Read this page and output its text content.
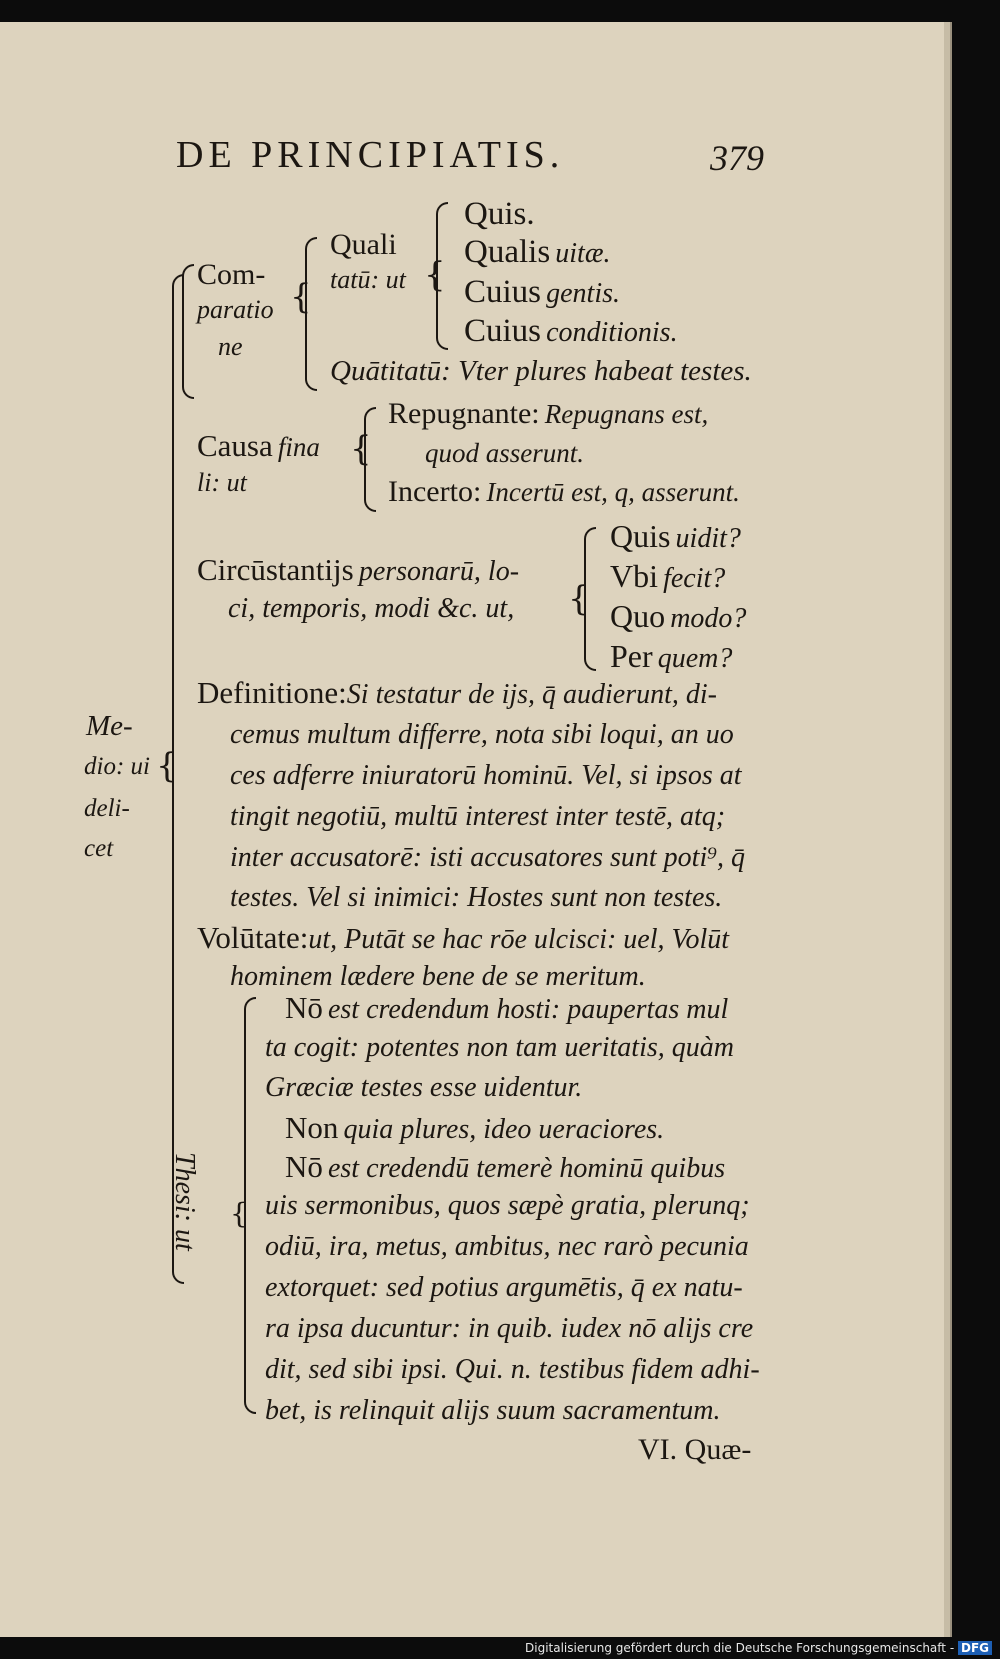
DE PRINCIPIATIS.	379
Com-
paratio
ne
{
Quali
tatū: ut {
Quis.
Qualis uitæ.
Cuius gentis.
Cuius conditionis.
Quātitatū: Vter plures habeat testes.
Causa fina
li: ut
{
Repugnante: Repugnans est,
quod asserunt.
Incerto: Incertū est, q, asserunt.
Circūstantijs personarū, lo-
ci, temporis, modi &c. ut, {
Quis uidit?
Vbi fecit?
Quo modo?
Per quem?
Definitione:Si testatur de ijs, q̄ audierunt, di-
cemus multum differre, nota sibi loqui, an uo
ces adferre iniuratorū hominū. Vel, si ipsos at
tingit negotiū, multū interest inter testē, atq;
inter accusatorē: isti accusatores sunt poti⁹, q̄
testes. Vel si inimici: Hostes sunt non testes.
Volūtate:ut, Putāt se hac rōe ulcisci: uel, Volūt
hominem lædere bene de se meritum.
Me-
dio: ui
deli-
cet
{
Thesi: ut {
Nō est credendum hosti: paupertas mul
ta cogit: potentes non tam ueritatis, quàm
Græciæ testes esse uidentur.
Non quia plures, ideo ueraciores.
Nō est credendū temerè hominū quibus
uis sermonibus, quos sæpè gratia, plerunq;
odiū, ira, metus, ambitus, nec rarò pecunia
extorquet: sed potius argumētis, q̄ ex natu-
ra ipsa ducuntur: in quib. iudex nō alijs cre
dit, sed sibi ipsi. Qui. n. testibus fidem adhi-
bet, is relinquit alijs suum sacramentum.
VI. Quæ-
Digitalisierung gefördert durch die Deutsche Forschungsgemeinschaft - DFG
